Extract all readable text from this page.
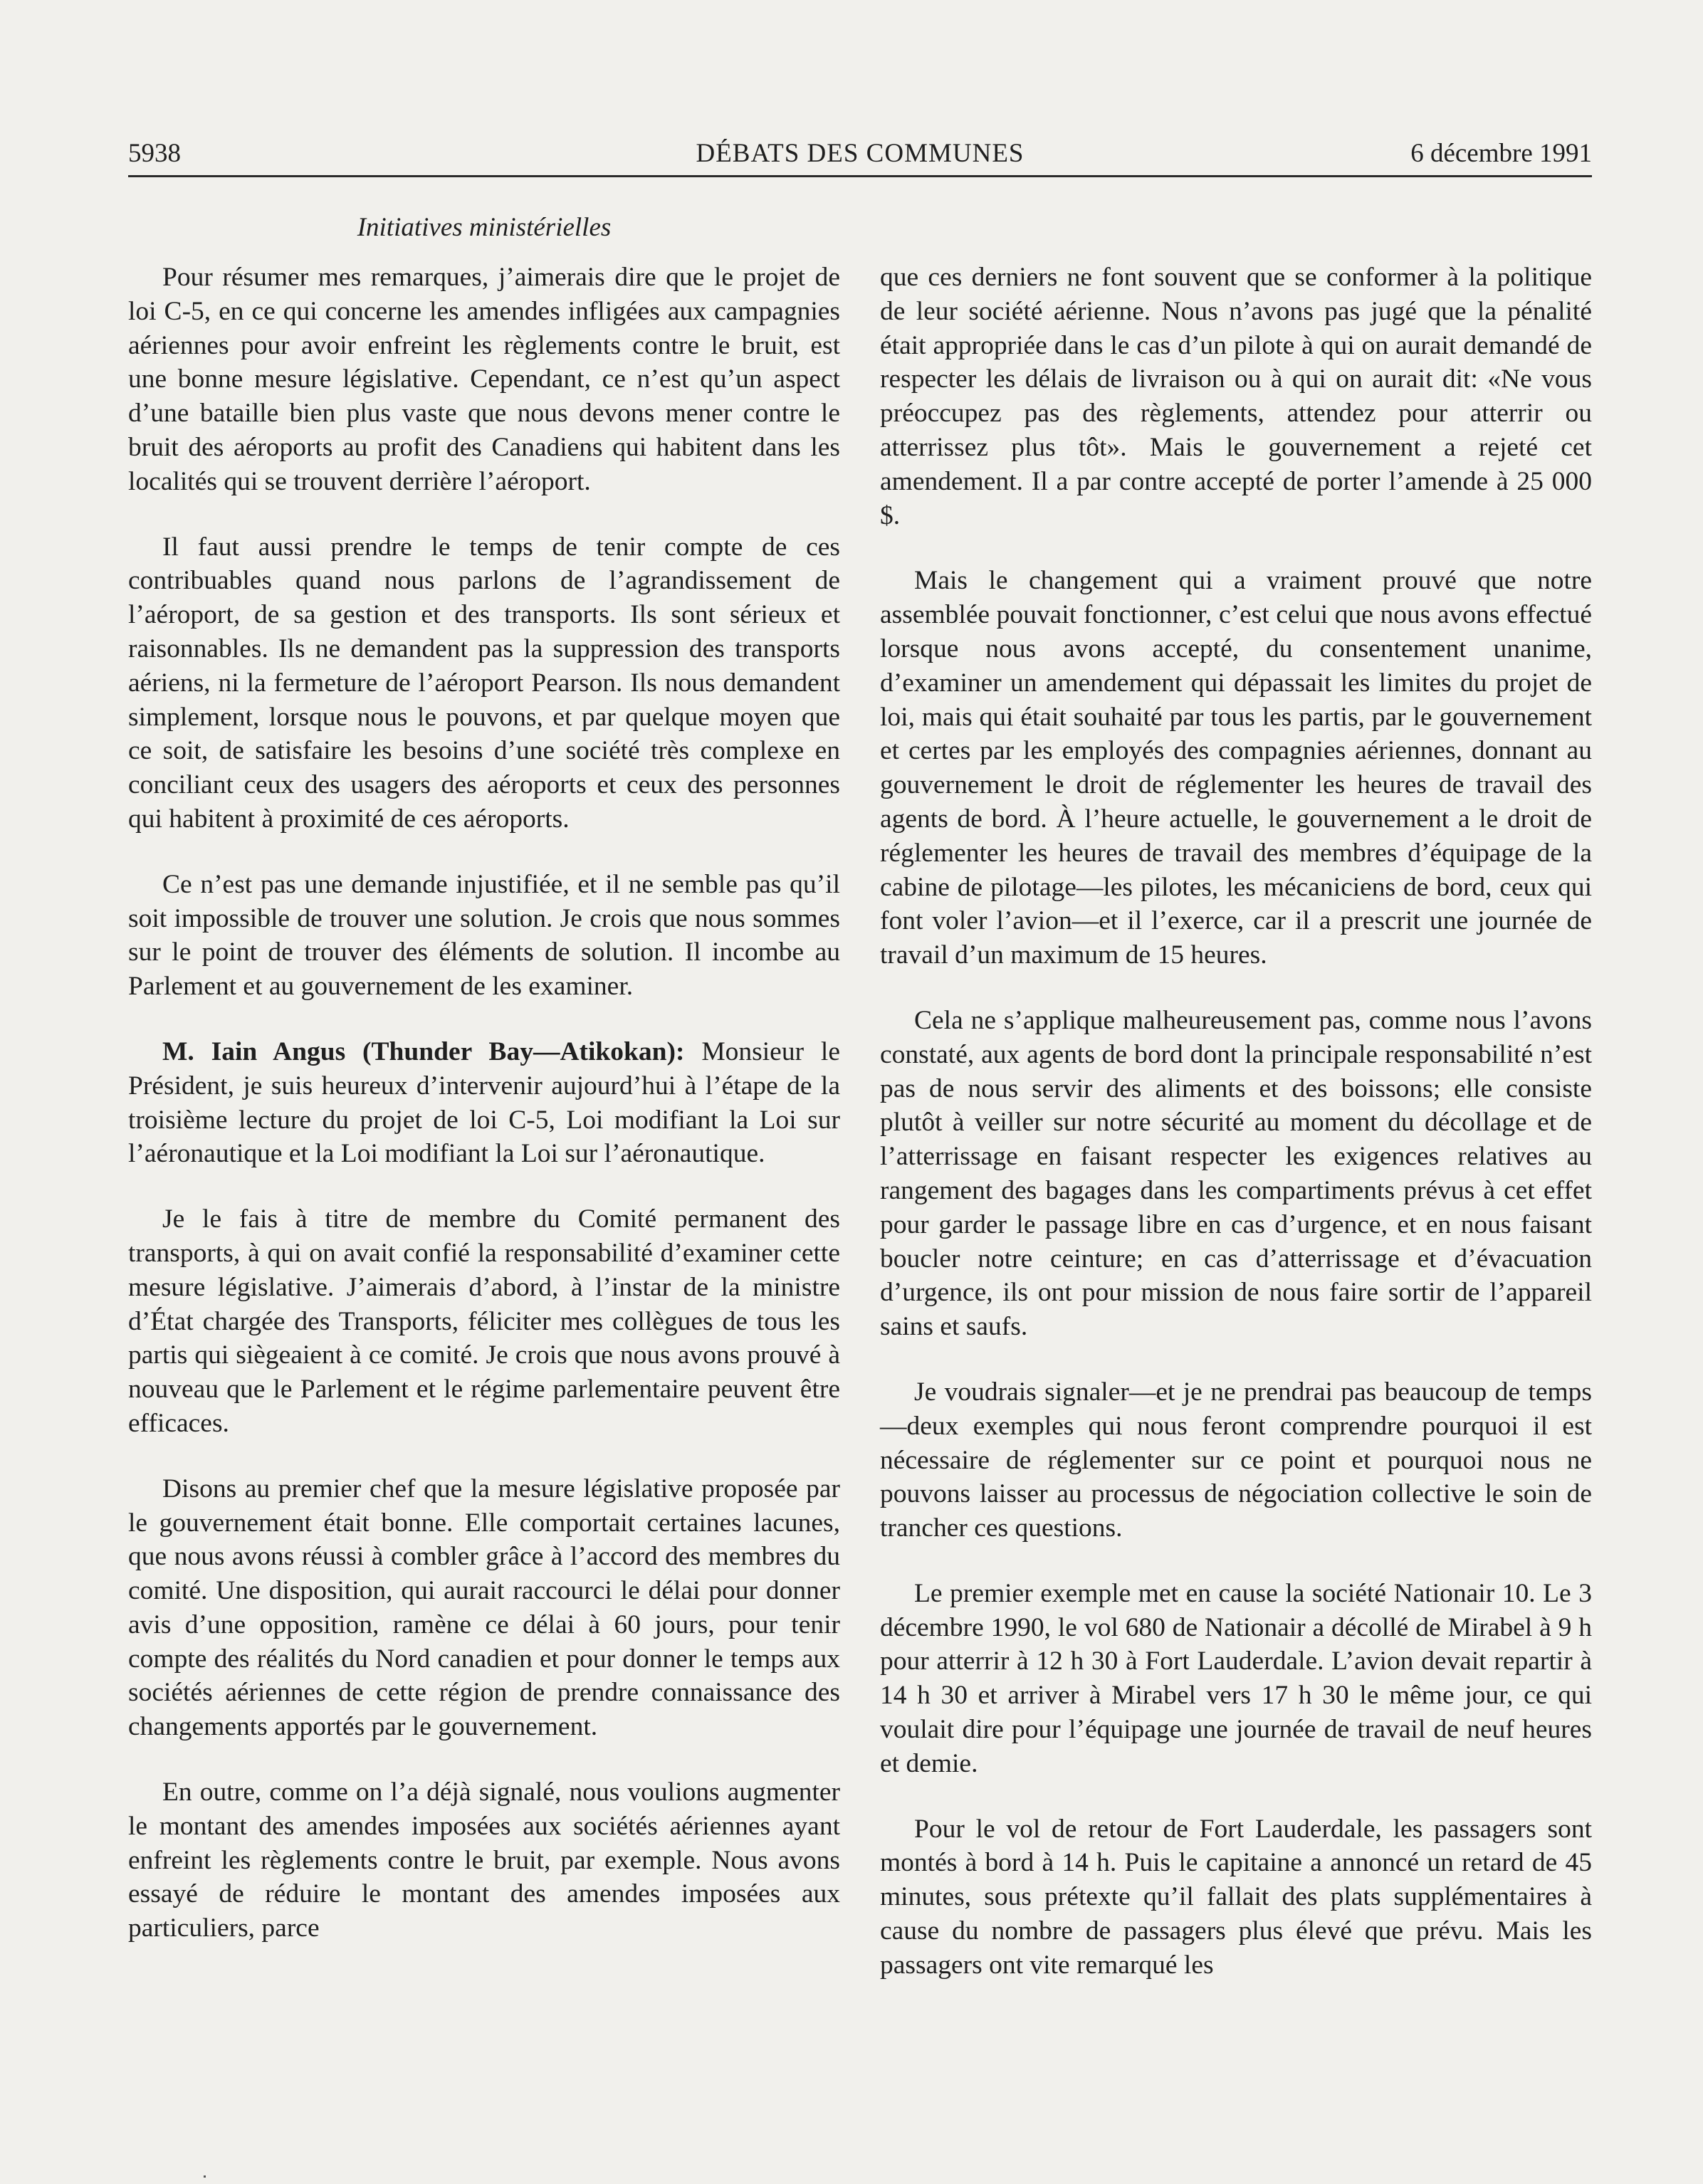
5938	DÉBATS DES COMMUNES	6 décembre 1991
Initiatives ministérielles

Pour résumer mes remarques, j’aimerais dire que le projet de loi C-5, en ce qui concerne les amendes infligées aux campagnies aériennes pour avoir enfreint les règlements contre le bruit, est une bonne mesure législative. Cependant, ce n’est qu’un aspect d’une bataille bien plus vaste que nous devons mener contre le bruit des aéroports au profit des Canadiens qui habitent dans les localités qui se trouvent derrière l’aéroport.

Il faut aussi prendre le temps de tenir compte de ces contribuables quand nous parlons de l’agrandissement de l’aéroport, de sa gestion et des transports. Ils sont sérieux et raisonnables. Ils ne demandent pas la suppression des transports aériens, ni la fermeture de l’aéroport Pearson. Ils nous demandent simplement, lorsque nous le pouvons, et par quelque moyen que ce soit, de satisfaire les besoins d’une société très complexe en conciliant ceux des usagers des aéroports et ceux des personnes qui habitent à proximité de ces aéroports.

Ce n’est pas une demande injustifiée, et il ne semble pas qu’il soit impossible de trouver une solution. Je crois que nous sommes sur le point de trouver des éléments de solution. Il incombe au Parlement et au gouvernement de les examiner.

M. Iain Angus (Thunder Bay—Atikokan): Monsieur le Président, je suis heureux d’intervenir aujourd’hui à l’étape de la troisième lecture du projet de loi C-5, Loi modifiant la Loi sur l’aéronautique et la Loi modifiant la Loi sur l’aéronautique.

Je le fais à titre de membre du Comité permanent des transports, à qui on avait confié la responsabilité d’examiner cette mesure législative. J’aimerais d’abord, à l’instar de la ministre d’État chargée des Transports, féliciter mes collègues de tous les partis qui siègeaient à ce comité. Je crois que nous avons prouvé à nouveau que le Parlement et le régime parlementaire peuvent être efficaces.

Disons au premier chef que la mesure législative proposée par le gouvernement était bonne. Elle comportait certaines lacunes, que nous avons réussi à combler grâce à l’accord des membres du comité. Une disposition, qui aurait raccourci le délai pour donner avis d’une opposition, ramène ce délai à 60 jours, pour tenir compte des réalités du Nord canadien et pour donner le temps aux sociétés aériennes de cette région de prendre connaissance des changements apportés par le gouvernement.

En outre, comme on l’a déjà signalé, nous voulions augmenter le montant des amendes imposées aux sociétés aériennes ayant enfreint les règlements contre le bruit, par exemple. Nous avons essayé de réduire le montant des amendes imposées aux particuliers, parce

que ces derniers ne font souvent que se conformer à la politique de leur société aérienne. Nous n’avons pas jugé que la pénalité était appropriée dans le cas d’un pilote à qui on aurait demandé de respecter les délais de livraison ou à qui on aurait dit: «Ne vous préoccupez pas des règlements, attendez pour atterrir ou atterrissez plus tôt». Mais le gouvernement a rejeté cet amendement. Il a par contre accepté de porter l’amende à 25 000 $.

Mais le changement qui a vraiment prouvé que notre assemblée pouvait fonctionner, c’est celui que nous avons effectué lorsque nous avons accepté, du consentement unanime, d’examiner un amendement qui dépassait les limites du projet de loi, mais qui était souhaité par tous les partis, par le gouvernement et certes par les employés des compagnies aériennes, donnant au gouvernement le droit de réglementer les heures de travail des agents de bord. À l’heure actuelle, le gouvernement a le droit de réglementer les heures de travail des membres d’équipage de la cabine de pilotage—les pilotes, les mécaniciens de bord, ceux qui font voler l’avion—et il l’exerce, car il a prescrit une journée de travail d’un maximum de 15 heures.

Cela ne s’applique malheureusement pas, comme nous l’avons constaté, aux agents de bord dont la principale responsabilité n’est pas de nous servir des aliments et des boissons; elle consiste plutôt à veiller sur notre sécurité au moment du décollage et de l’atterrissage en faisant respecter les exigences relatives au rangement des bagages dans les compartiments prévus à cet effet pour garder le passage libre en cas d’urgence, et en nous faisant boucler notre ceinture; en cas d’atterrissage et d’évacuation d’urgence, ils ont pour mission de nous faire sortir de l’appareil sains et saufs.

Je voudrais signaler—et je ne prendrai pas beaucoup de temps—deux exemples qui nous feront comprendre pourquoi il est nécessaire de réglementer sur ce point et pourquoi nous ne pouvons laisser au processus de négociation collective le soin de trancher ces questions.

Le premier exemple met en cause la société Nationair 10. Le 3 décembre 1990, le vol 680 de Nationair a décollé de Mirabel à 9 h pour atterrir à 12 h 30 à Fort Lauderdale. L’avion devait repartir à 14 h 30 et arriver à Mirabel vers 17 h 30 le même jour, ce qui voulait dire pour l’équipage une journée de travail de neuf heures et demie.

Pour le vol de retour de Fort Lauderdale, les passagers sont montés à bord à 14 h. Puis le capitaine a annoncé un retard de 45 minutes, sous prétexte qu’il fallait des plats supplémentaires à cause du nombre de passagers plus élevé que prévu. Mais les passagers ont vite remarqué les
